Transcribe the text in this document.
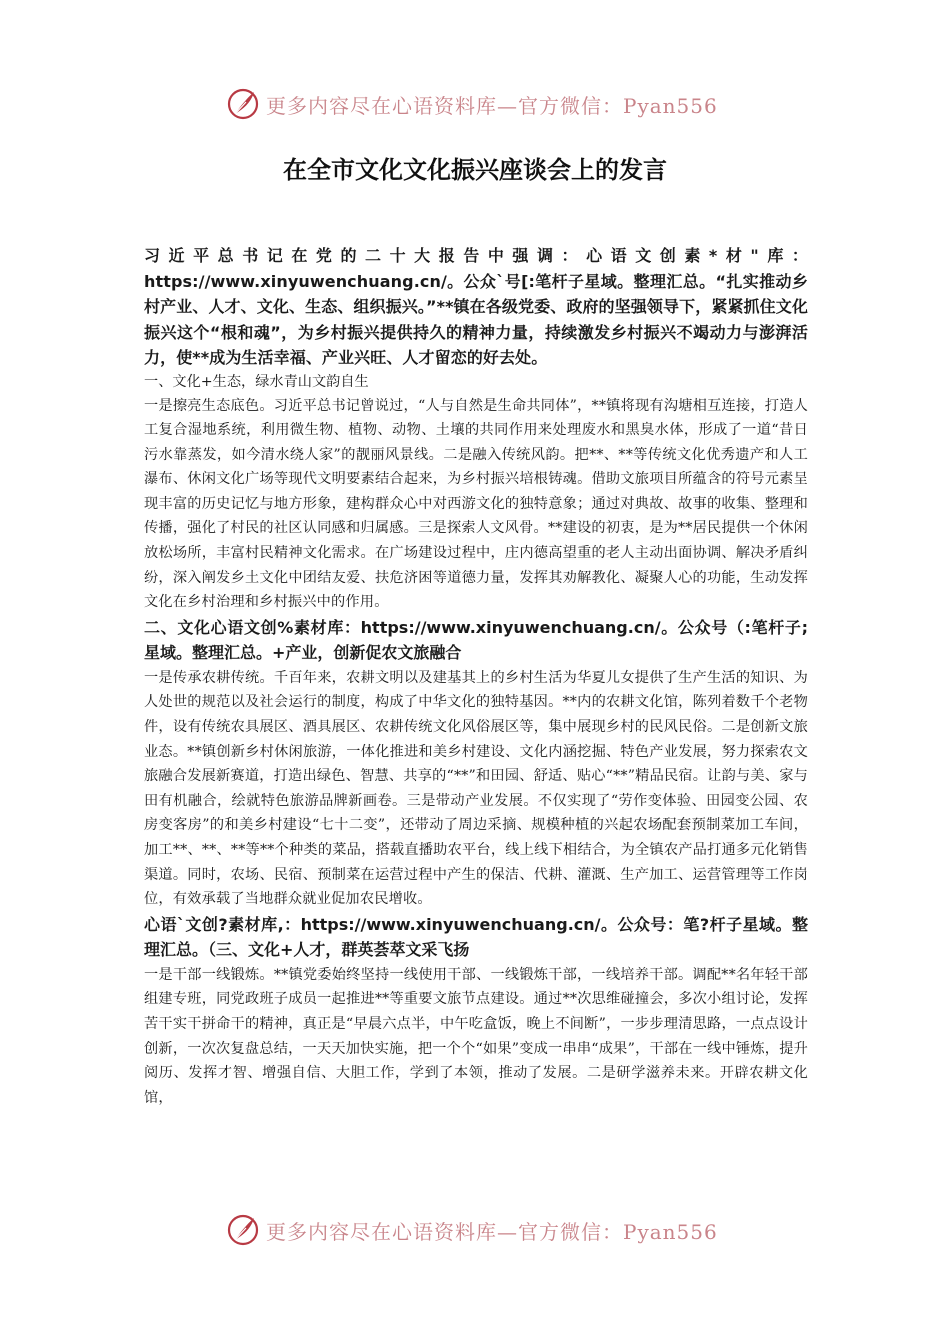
更多内容尽在心语资料库—官方微信：Pyan556
在全市文化文化振兴座谈会上的发言

习近平总书记在党的二十大报告中强调：心语文创素*材"库：https://www.xinyuwenchuang.cn/。公众`号[:笔杆子星域。整理汇总。“扎实推动乡村产业、人才、文化、生态、组织振兴。”**镇在各级党委、政府的坚强领导下，紧紧抓住文化振兴这个“根和魂”，为乡村振兴提供持久的精神力量，持续激发乡村振兴不竭动力与澎湃活力，使**成为生活幸福、产业兴旺、人才留恋的好去处。

一、文化+生态，绿水青山文韵自生

一是擦亮生态底色。习近平总书记曾说过，“人与自然是生命共同体”，**镇将现有沟塘相互连接，打造人工复合湿地系统，利用微生物、植物、动物、土壤的共同作用来处理废水和黑臭水体，形成了一道“昔日污水靠蒸发，如今清水绕人家”的靓丽风景线。二是融入传统风韵。把**、**等传统文化优秀遗产和人工瀑布、休闲文化广场等现代文明要素结合起来，为乡村振兴培根铸魂。借助文旅项目所蕴含的符号元素呈现丰富的历史记忆与地方形象，建构群众心中对西游文化的独特意象；通过对典故、故事的收集、整理和传播，强化了村民的社区认同感和归属感。三是探索人文风骨。**建设的初衷，是为**居民提供一个休闲放松场所，丰富村民精神文化需求。在广场建设过程中，庄内德高望重的老人主动出面协调、解决矛盾纠纷，深入阐发乡土文化中团结友爱、扶危济困等道德力量，发挥其劝解教化、凝聚人心的功能，生动发挥文化在乡村治理和乡村振兴中的作用。

二、文化心语文创%素材库：https://www.xinyuwenchuang.cn/。公众号（:笔杆子;星域。整理汇总。+产业，创新促农文旅融合

一是传承农耕传统。千百年来，农耕文明以及建基其上的乡村生活为华夏儿女提供了生产生活的知识、为人处世的规范以及社会运行的制度，构成了中华文化的独特基因。**内的农耕文化馆，陈列着数千个老物件，设有传统农具展区、酒具展区、农耕传统文化风俗展区等，集中展现乡村的民风民俗。二是创新文旅业态。**镇创新乡村休闲旅游，一体化推进和美乡村建设、文化内涵挖掘、特色产业发展，努力探索农文旅融合发展新赛道，打造出绿色、智慧、共享的“**”和田园、舒适、贴心“**”精品民宿。让韵与美、家与田有机融合，绘就特色旅游品牌新画卷。三是带动产业发展。不仅实现了“劳作变体验、田园变公园、农房变客房”的和美乡村建设“七十二变”，还带动了周边采摘、规模种植的兴起农场配套预制菜加工车间，加工**、**、**等**个种类的菜品，搭载直播助农平台，线上线下相结合，为全镇农产品打通多元化销售渠道。同时，农场、民宿、预制菜在运营过程中产生的保洁、代耕、灌溉、生产加工、运营管理等工作岗位，有效承载了当地群众就业促加农民增收。

心语`文创?素材库,：https://www.xinyuwenchuang.cn/。公众号：笔?杆子星域。整理汇总。（三、文化+人才，群英荟萃文采飞扬

一是干部一线锻炼。**镇党委始终坚持一线使用干部、一线锻炼干部，一线培养干部。调配**名年轻干部组建专班，同党政班子成员一起推进**等重要文旅节点建设。通过**次思维碰撞会，多次小组讨论，发挥苦干实干拼命干的精神，真正是“早晨六点半，中午吃盒饭，晚上不间断”，一步步理清思路，一点点设计创新，一次次复盘总结，一天天加快实施，把一个个“如果”变成一串串“成果”，干部在一线中锤炼，提升阅历、发挥才智、增强自信、大胆工作，学到了本领，推动了发展。二是研学滋养未来。开辟农耕文化馆，

更多内容尽在心语资料库—官方微信：Pyan556
